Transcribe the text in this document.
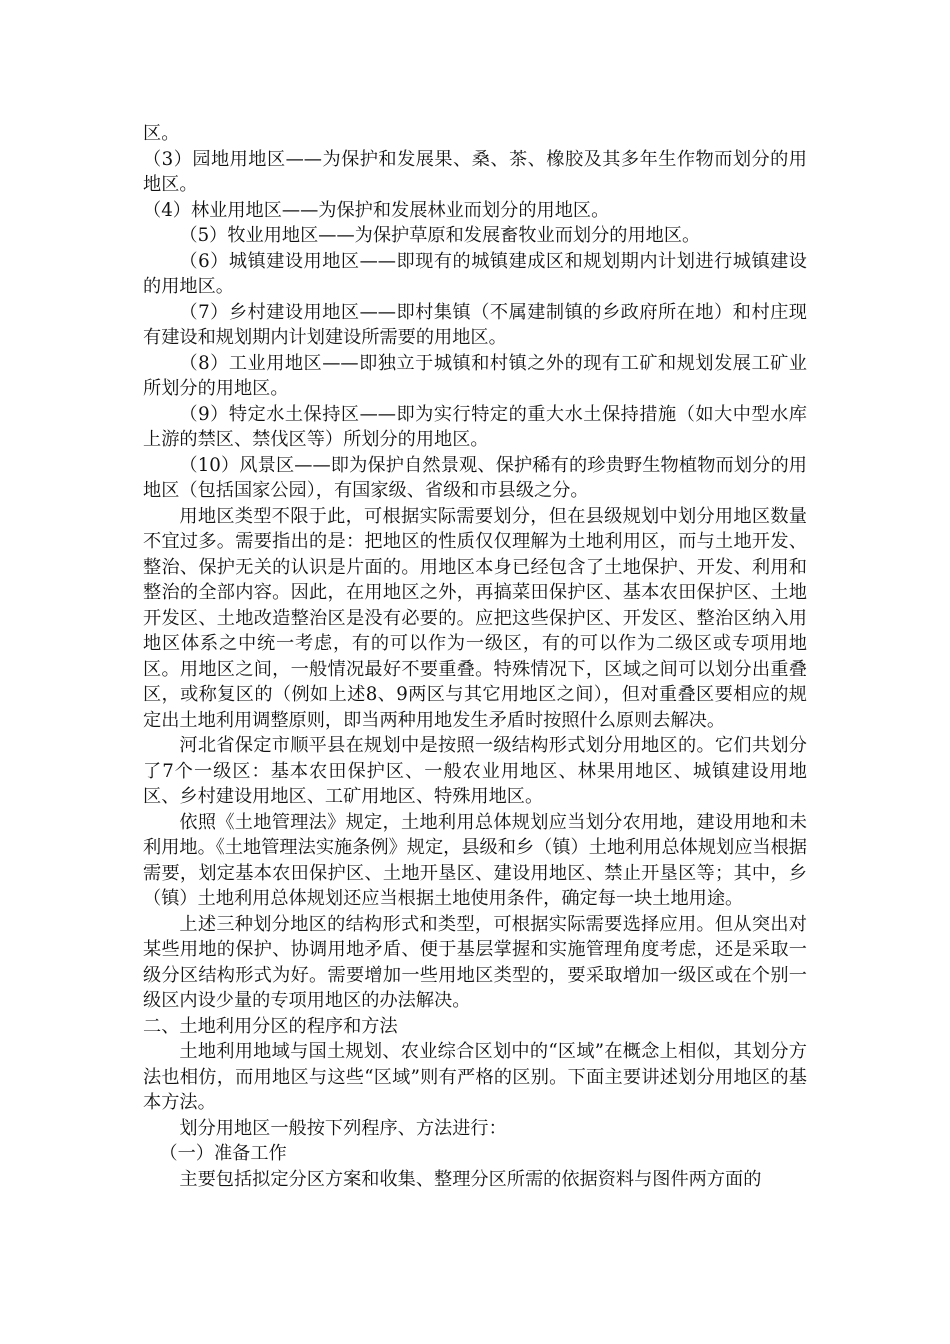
区。

（3）园地用地区——为保护和发展果、桑、茶、橡胶及其多年生作物而划分的用地区。

（4）林业用地区——为保护和发展林业而划分的用地区。

（5）牧业用地区——为保护草原和发展畜牧业而划分的用地区。

（6）城镇建设用地区——即现有的城镇建成区和规划期内计划进行城镇建设的用地区。

（7）乡村建设用地区——即村集镇（不属建制镇的乡政府所在地）和村庄现有建设和规划期内计划建设所需要的用地区。

（8）工业用地区——即独立于城镇和村镇之外的现有工矿和规划发展工矿业所划分的用地区。

（9）特定水土保持区——即为实行特定的重大水土保持措施（如大中型水库上游的禁区、禁伐区等）所划分的用地区。

（10）风景区——即为保护自然景观、保护稀有的珍贵野生物植物而划分的用地区（包括国家公园），有国家级、省级和市县级之分。

用地区类型不限于此，可根据实际需要划分，但在县级规划中划分用地区数量不宜过多。需要指出的是：把地区的性质仅仅理解为土地利用区，而与土地开发、整治、保护无关的认识是片面的。用地区本身已经包含了土地保护、开发、利用和整治的全部内容。因此，在用地区之外，再搞菜田保护区、基本农田保护区、土地开发区、土地改造整治区是没有必要的。应把这些保护区、开发区、整治区纳入用地区体系之中统一考虑，有的可以作为一级区，有的可以作为二级区或专项用地区。用地区之间，一般情况最好不要重叠。特殊情况下，区域之间可以划分出重叠区，或称复区的（例如上述8、9两区与其它用地区之间），但对重叠区要相应的规定出土地利用调整原则，即当两种用地发生矛盾时按照什么原则去解决。

河北省保定市顺平县在规划中是按照一级结构形式划分用地区的。它们共划分了7个一级区：基本农田保护区、一般农业用地区、林果用地区、城镇建设用地区、乡村建设用地区、工矿用地区、特殊用地区。

依照《土地管理法》规定，土地利用总体规划应当划分农用地，建设用地和未利用地。《土地管理法实施条例》规定，县级和乡（镇）土地利用总体规划应当根据需要，划定基本农田保护区、土地开垦区、建设用地区、禁止开垦区等；其中，乡（镇）土地利用总体规划还应当根据土地使用条件，确定每一块土地用途。

上述三种划分地区的结构形式和类型，可根据实际需要选择应用。但从突出对某些用地的保护、协调用地矛盾、便于基层掌握和实施管理角度考虑，还是采取一级分区结构形式为好。需要增加一些用地区类型的，要采取增加一级区或在个别一级区内设少量的专项用地区的办法解决。

二、土地利用分区的程序和方法

土地利用地域与国土规划、农业综合区划中的“区域”在概念上相似，其划分方法也相仿，而用地区与这些“区域”则有严格的区别。下面主要讲述划分用地区的基本方法。

划分用地区一般按下列程序、方法进行：

（一）准备工作

主要包括拟定分区方案和收集、整理分区所需的依据资料与图件两方面的
